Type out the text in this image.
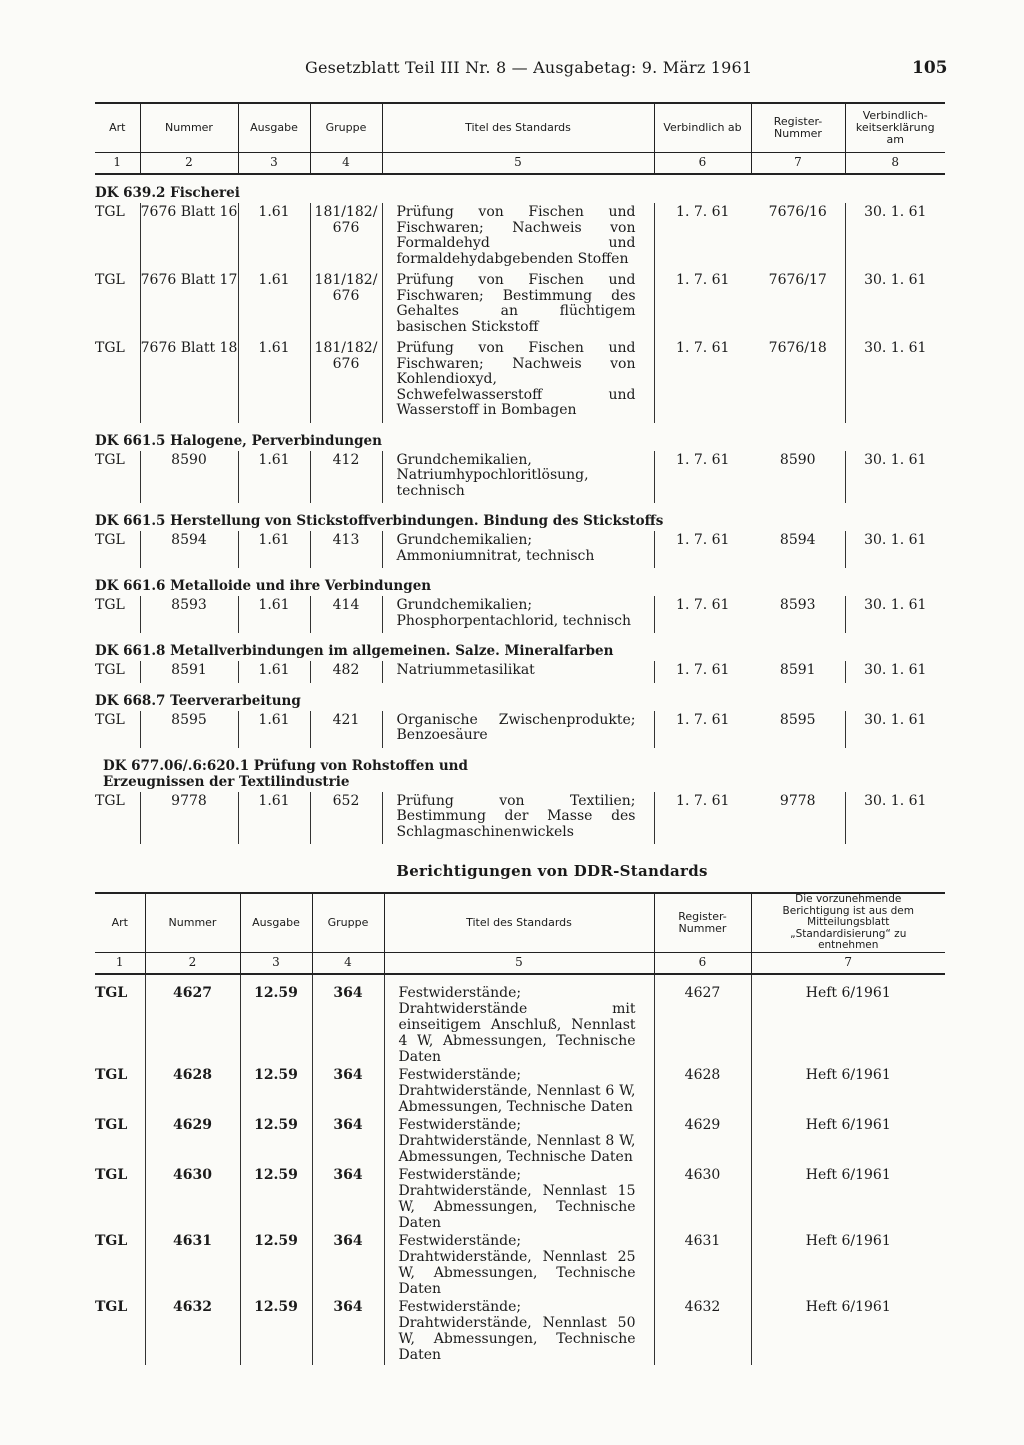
Gesetzblatt Teil III Nr. 8 — Ausgabetag: 9. März 1961	105
Art	Nummer	Ausgabe	Gruppe	Titel des Standards	Verbindlich ab	Register-Nummer	Verbindlich-keitserklärung am
1	2	3	4	5	6	7	8
DK 639.2 Fischerei							
TGL	7676 Blatt 16	1.61	181/182/ 676	Prüfung von Fischen und Fischwaren; Nachweis von Formaldehyd und formaldehydabgebenden Stoffen	1. 7. 61	7676/16	30. 1. 61
TGL	7676 Blatt 17	1.61	181/182/ 676	Prüfung von Fischen und Fischwaren; Bestimmung des Gehaltes an flüchtigem basischen Stickstoff	1. 7. 61	7676/17	30. 1. 61
TGL	7676 Blatt 18	1.61	181/182/ 676	Prüfung von Fischen und Fischwaren; Nachweis von Kohlendioxyd, Schwefelwasserstoff und Wasserstoff in Bombagen	1. 7. 61	7676/18	30. 1. 61
DK 661.5 Halogene, Perverbindungen							
TGL	8590	1.61	412	Grundchemikalien, Natriumhypochloritlösung, technisch	1. 7. 61	8590	30. 1. 61
DK 661.5 Herstellung von Stickstoffverbindungen. Bindung des Stickstoffs							
TGL	8594	1.61	413	Grundchemikalien; Ammoniumnitrat, technisch	1. 7. 61	8594	30. 1. 61
DK 661.6 Metalloide und ihre Verbindungen							
TGL	8593	1.61	414	Grundchemikalien; Phosphorpentachlorid, technisch	1. 7. 61	8593	30. 1. 61
DK 661.8 Metallverbindungen im allgemeinen. Salze. Mineralfarben							
TGL	8591	1.61	482	Natriummetasilikat	1. 7. 61	8591	30. 1. 61
DK 668.7 Teerverarbeitung							
TGL	8595	1.61	421	Organische Zwischenprodukte; Benzoesäure	1. 7. 61	8595	30. 1. 61
DK 677.06/.6:620.1 Prüfung von Rohstoffen und Erzeugnissen der Textilindustrie							
TGL	9778	1.61	652	Prüfung von Textilien; Bestimmung der Masse des Schlagmaschinenwickels	1. 7. 61	9778	30. 1. 61
Berichtigungen von DDR-Standards
Art	Nummer	Ausgabe	Gruppe	Titel des Standards	Register-Nummer	Die vorzunehmende Berichtigung ist aus dem Mitteilungsblatt „Standardisierung“ zu entnehmen
1	2	3	4	5	6	7
TGL	4627	12.59	364	Festwiderstände; Drahtwiderstände mit einseitigem Anschluß, Nennlast 4 W, Abmessungen, Technische Daten	4627	Heft 6/1961
TGL	4628	12.59	364	Festwiderstände; Drahtwiderstände, Nennlast 6 W, Abmessungen, Technische Daten	4628	Heft 6/1961
TGL	4629	12.59	364	Festwiderstände; Drahtwiderstände, Nennlast 8 W, Abmessungen, Technische Daten	4629	Heft 6/1961
TGL	4630	12.59	364	Festwiderstände; Drahtwiderstände, Nennlast 15 W, Abmessungen, Technische Daten	4630	Heft 6/1961
TGL	4631	12.59	364	Festwiderstände; Drahtwiderstände, Nennlast 25 W, Abmessungen, Technische Daten	4631	Heft 6/1961
TGL	4632	12.59	364	Festwiderstände; Drahtwiderstände, Nennlast 50 W, Abmessungen, Technische Daten	4632	Heft 6/1961
